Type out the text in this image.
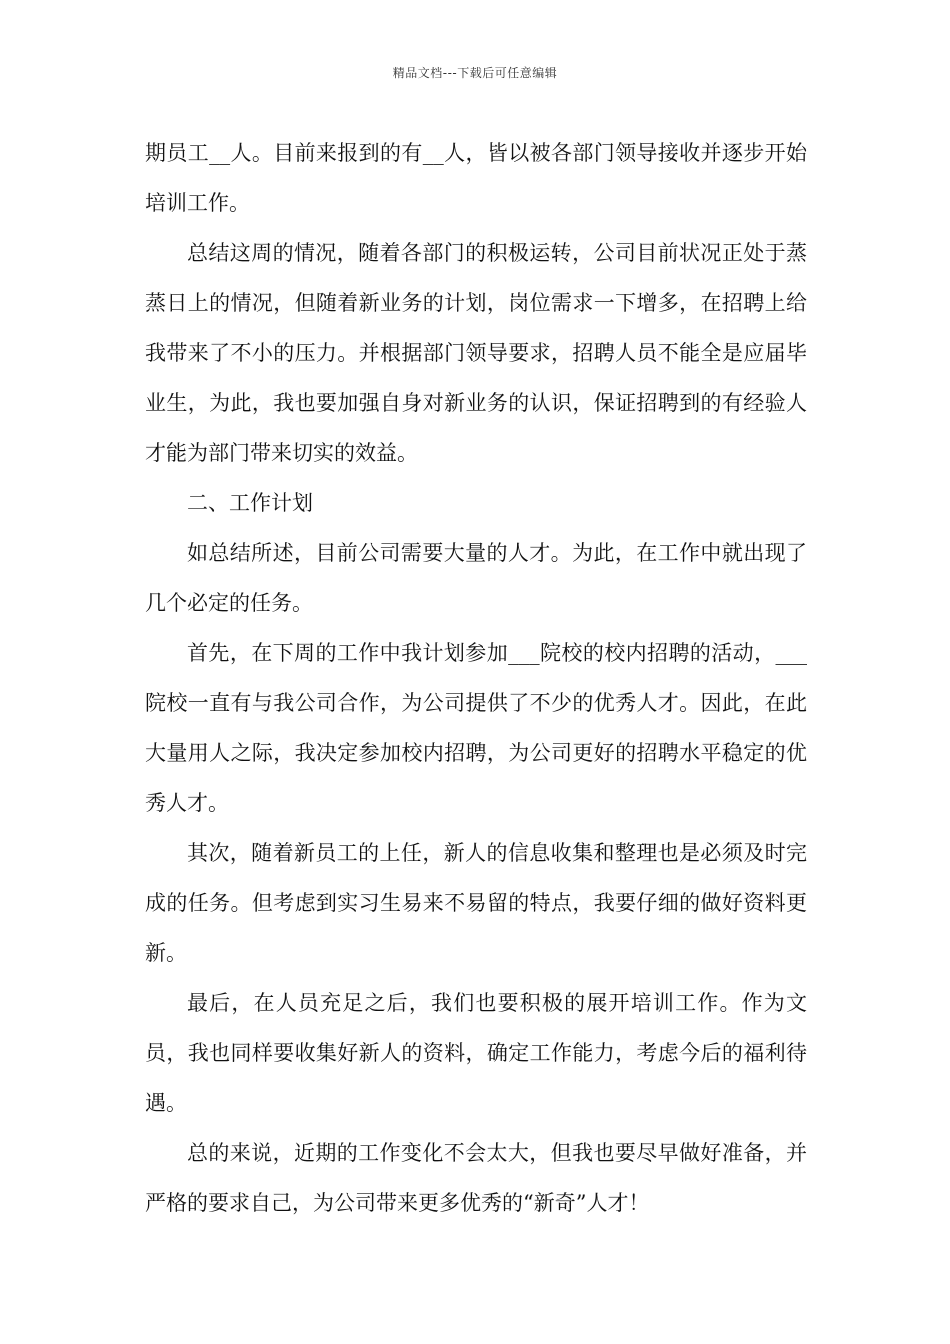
精品文档---下载后可任意编辑

期员工__人。目前来报到的有__人，皆以被各部门领导接收并逐步开始培训工作。

总结这周的情况，随着各部门的积极运转，公司目前状况正处于蒸蒸日上的情况，但随着新业务的计划，岗位需求一下增多，在招聘上给我带来了不小的压力。并根据部门领导要求，招聘人员不能全是应届毕业生，为此，我也要加强自身对新业务的认识，保证招聘到的有经验人才能为部门带来切实的效益。

二、工作计划

如总结所述，目前公司需要大量的人才。为此，在工作中就出现了几个必定的任务。

首先，在下周的工作中我计划参加___院校的校内招聘的活动，___院校一直有与我公司合作，为公司提供了不少的优秀人才。因此，在此大量用人之际，我决定参加校内招聘，为公司更好的招聘水平稳定的优秀人才。

其次，随着新员工的上任，新人的信息收集和整理也是必须及时完成的任务。但考虑到实习生易来不易留的特点，我要仔细的做好资料更新。

最后，在人员充足之后，我们也要积极的展开培训工作。作为文员，我也同样要收集好新人的资料，确定工作能力，考虑今后的福利待遇。

总的来说，近期的工作变化不会太大，但我也要尽早做好准备，并严格的要求自己，为公司带来更多优秀的“新奇”人才！
